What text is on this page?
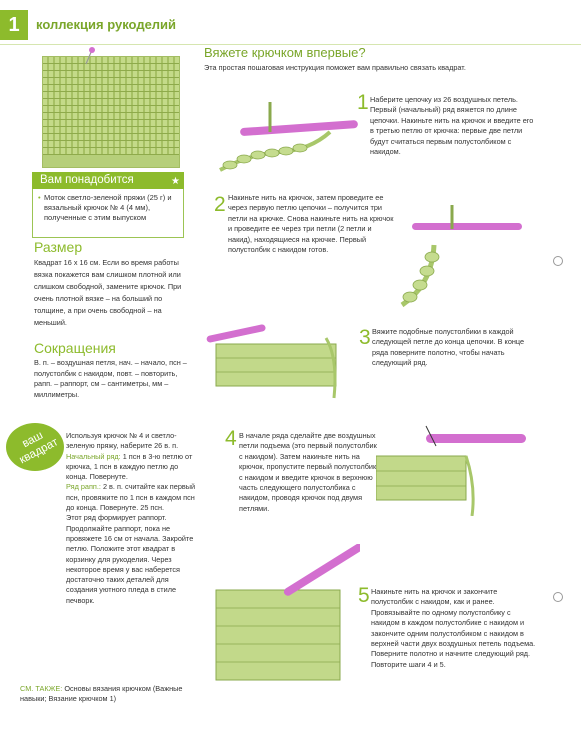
1	коллекция рукоделий
Вам понадобится	★
• Моток светло-зеленой пряжи (25 г) и вязальный крючок № 4 (4 мм), полученные с этим выпуском
Размер
Квадрат 16 х 16 см. Если во время работы вязка покажется вам слишком плотной или слишком свободной, замените крючок. При очень плотной вязке – на больший по толщине, а при очень свободной – на меньший.
Сокращения
В. п. – воздушная петля, нач. – начало, псн – полустолбик с накидом, повт. – повторить, рапп. – раппорт, см – сантиметры, мм – миллиметры.
ваш квадрат
Используя крючок № 4 и светло-зеленую пряжу, наберите 26 в. п.
Начальный ряд: 1 псн в 3-ю петлю от крючка, 1 псн в каждую петлю до конца. Повернуте.
Ряд рапп.: 2 в. п. считайте как первый псн, провяжите по 1 псн в каждом псн до конца. Повернуте. 25 псн.
Этот ряд формирует раппорт. Продолжайте раппорт, пока не провяжете 16 см от начала. Закройте петлю. Положите этот квадрат в корзинку для рукоделия. Через некоторое время у вас наберется достаточно таких деталей для создания уютного пледа в стиле печворк.
СМ. ТАКЖЕ: Основы вязания крючком (Важные навыки; Вязание крючком 1)
Вяжете крючком впервые?
Эта простая пошаговая инструкция поможет вам правильно связать квадрат.
1 Наберите цепочку из 26 воздушных петель. Первый (начальный) ряд вяжется по длине цепочки. Накиньте нить на крючок и введите его в третью петлю от крючка: первые две петли будут считаться первым полустолбиком с накидом.
2 Накиньте нить на крючок, затем проведите ее через первую петлю цепочки – получится три петли на крючке. Снова накиньте нить на крючок и проведите ее через три петли (2 петли и накид), находящиеся на крючке. Первый полустолбик с накидом готов.
3 Вяжите подобные полустолбики в каждой следующей петле до конца цепочки. В конце ряда поверните полотно, чтобы начать следующий ряд.
4 В начале ряда сделайте две воздушных петли подъема (это первый полустолбик с накидом). Затем накиньте нить на крючок, пропустите первый полустолбик с накидом и введите крючок в верхнюю часть следующего полустолбика с накидом, проводя крючок под двумя петлями.
5 Накиньте нить на крючок и закончите полустолбик с накидом, как и ранее. Провязывайте по одному полустолбику с накидом в каждом полустолбике с накидом и закончите одним полустолбиком с накидом в верхней части двух воздушных петель подъема. Поверните полотно и начните следующий ряд. Повторите шаги 4 и 5.
